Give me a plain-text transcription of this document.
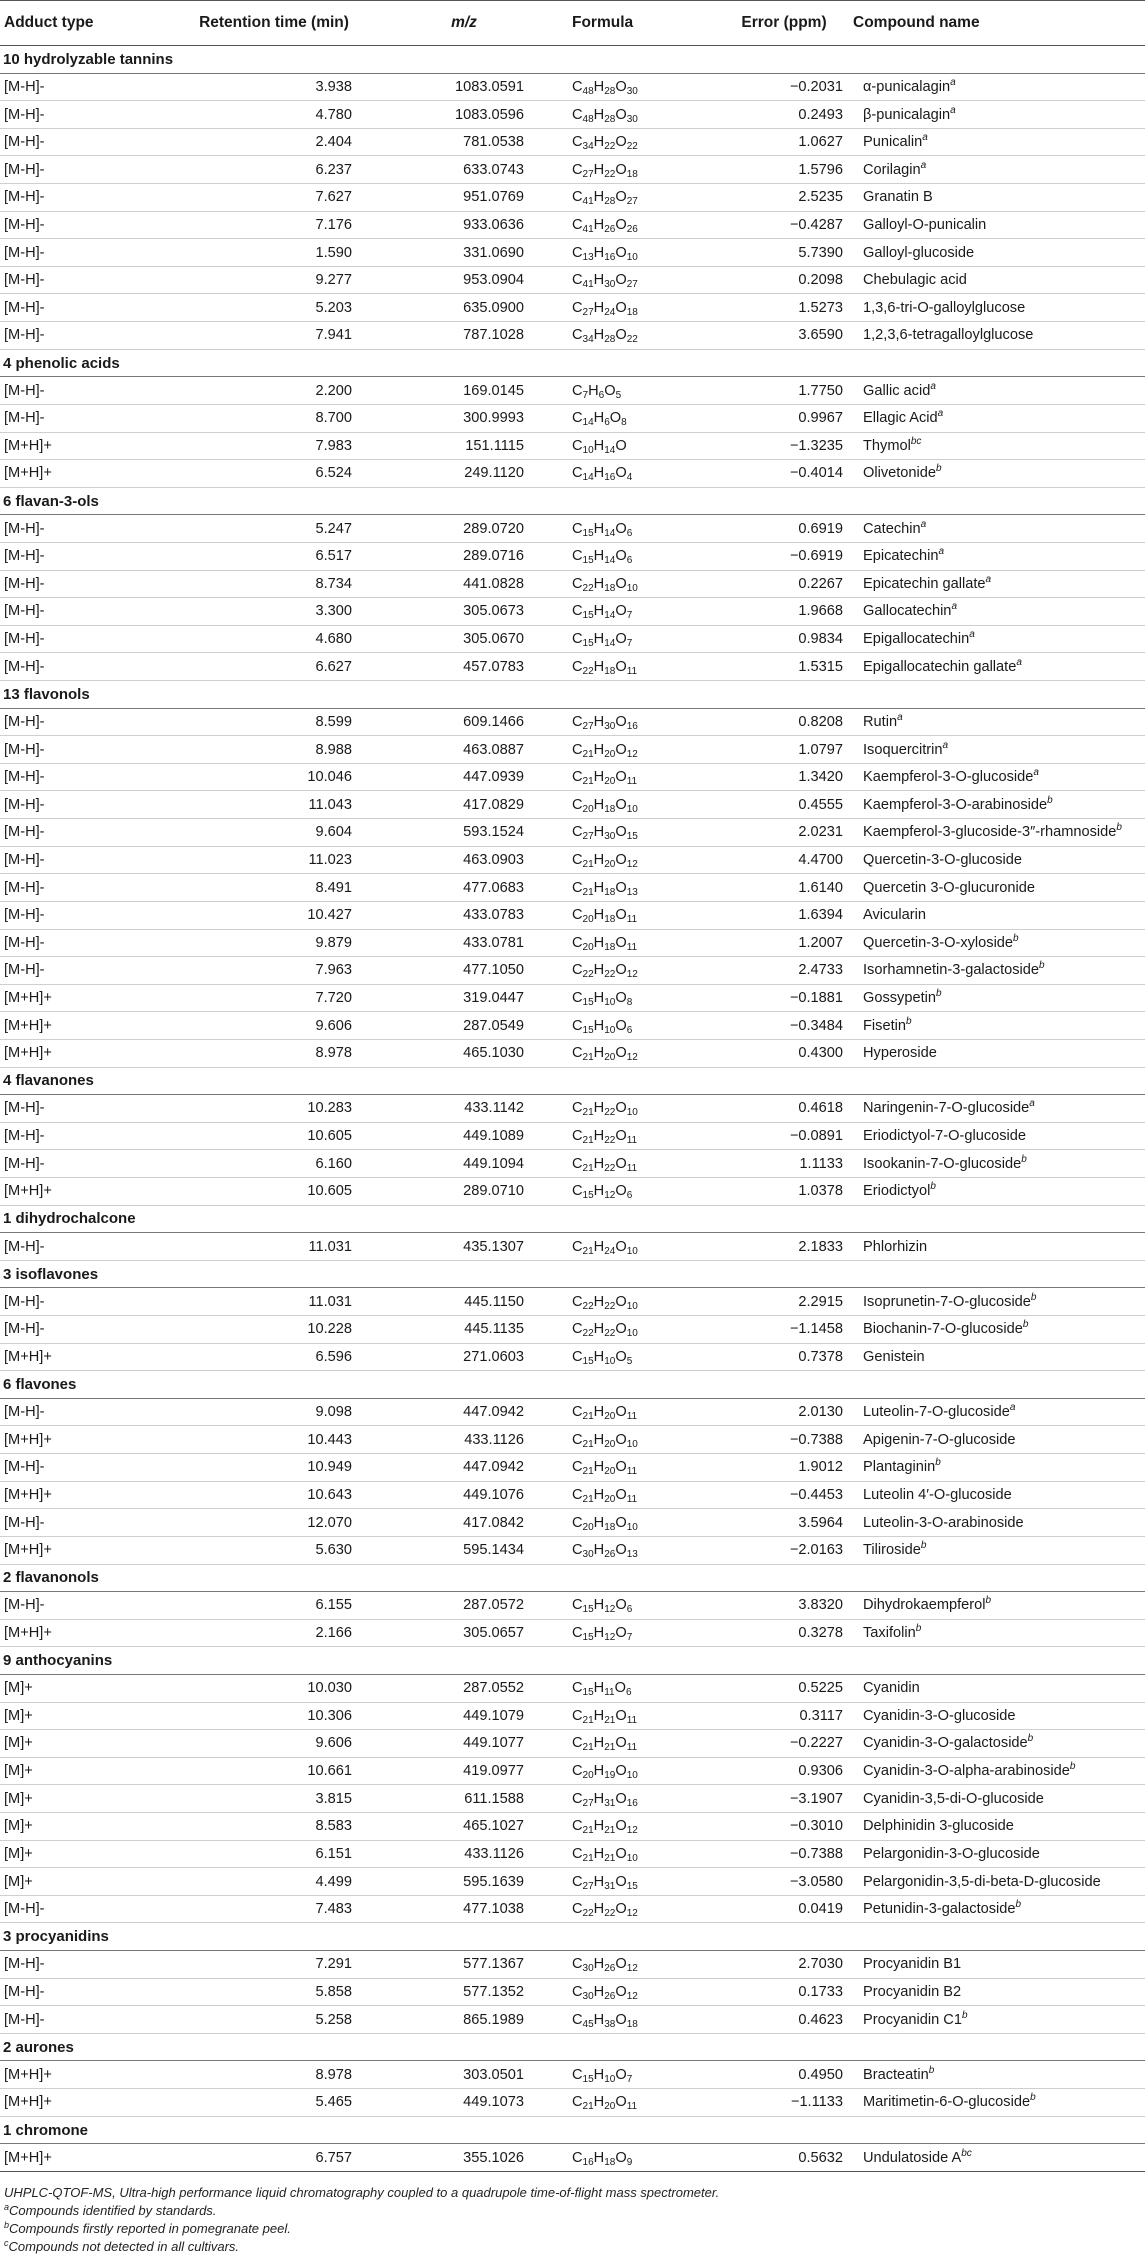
Adduct type	Retention time (min)	m/z	Formula	Error (ppm)	Compound name
10 hydrolyzable tannins					
[M-H]-	3.938	1083.0591	$C_{48}H_{28}O_{30}$	−0.2031	α-punicalagin$^a$
[M-H]-	4.780	1083.0596	$C_{48}H_{28}O_{30}$	0.2493	β-punicalagin$^a$
[M-H]-	2.404	781.0538	$C_{34}H_{22}O_{22}$	1.0627	Punicalin$^a$
[M-H]-	6.237	633.0743	$C_{27}H_{22}O_{18}$	1.5796	Corilagin$^a$
[M-H]-	7.627	951.0769	$C_{41}H_{28}O_{27}$	2.5235	Granatin B
[M-H]-	7.176	933.0636	$C_{41}H_{26}O_{26}$	−0.4287	Galloyl-O-punicalin
[M-H]-	1.590	331.0690	$C_{13}H_{16}O_{10}$	5.7390	Galloyl-glucoside
[M-H]-	9.277	953.0904	$C_{41}H_{30}O_{27}$	0.2098	Chebulagic acid
[M-H]-	5.203	635.0900	$C_{27}H_{24}O_{18}$	1.5273	1,3,6-tri-O-galloylglucose
[M-H]-	7.941	787.1028	$C_{34}H_{28}O_{22}$	3.6590	1,2,3,6-tetragalloylglucose
4 phenolic acids					
[M-H]-	2.200	169.0145	$C_7H_6O_5$	1.7750	Gallic acid$^a$
[M-H]-	8.700	300.9993	$C_{14}H_6O_8$	0.9967	Ellagic Acid$^a$
[M+H]+	7.983	151.1115	$C_{10}H_{14}O$	−1.3235	Thymol$^{bc}$
[M+H]+	6.524	249.1120	$C_{14}H_{16}O_4$	−0.4014	Olivetonide$^b$
6 flavan-3-ols					
[M-H]-	5.247	289.0720	$C_{15}H_{14}O_6$	0.6919	Catechin$^a$
[M-H]-	6.517	289.0716	$C_{15}H_{14}O_6$	−0.6919	Epicatechin$^a$
[M-H]-	8.734	441.0828	$C_{22}H_{18}O_{10}$	0.2267	Epicatechin gallate$^a$
[M-H]-	3.300	305.0673	$C_{15}H_{14}O_7$	1.9668	Gallocatechin$^a$
[M-H]-	4.680	305.0670	$C_{15}H_{14}O_7$	0.9834	Epigallocatechin$^a$
[M-H]-	6.627	457.0783	$C_{22}H_{18}O_{11}$	1.5315	Epigallocatechin gallate$^a$
13 flavonols					
[M-H]-	8.599	609.1466	$C_{27}H_{30}O_{16}$	0.8208	Rutin$^a$
[M-H]-	8.988	463.0887	$C_{21}H_{20}O_{12}$	1.0797	Isoquercitrin$^a$
[M-H]-	10.046	447.0939	$C_{21}H_{20}O_{11}$	1.3420	Kaempferol-3-O-glucoside$^a$
[M-H]-	11.043	417.0829	$C_{20}H_{18}O_{10}$	0.4555	Kaempferol-3-O-arabinoside$^b$
[M-H]-	9.604	593.1524	$C_{27}H_{30}O_{15}$	2.0231	Kaempferol-3-glucoside-3″-rhamnoside$^b$
[M-H]-	11.023	463.0903	$C_{21}H_{20}O_{12}$	4.4700	Quercetin-3-O-glucoside
[M-H]-	8.491	477.0683	$C_{21}H_{18}O_{13}$	1.6140	Quercetin 3-O-glucuronide
[M-H]-	10.427	433.0783	$C_{20}H_{18}O_{11}$	1.6394	Avicularin
[M-H]-	9.879	433.0781	$C_{20}H_{18}O_{11}$	1.2007	Quercetin-3-O-xyloside$^b$
[M-H]-	7.963	477.1050	$C_{22}H_{22}O_{12}$	2.4733	Isorhamnetin-3-galactoside$^b$
[M+H]+	7.720	319.0447	$C_{15}H_{10}O_8$	−0.1881	Gossypetin$^b$
[M+H]+	9.606	287.0549	$C_{15}H_{10}O_6$	−0.3484	Fisetin$^b$
[M+H]+	8.978	465.1030	$C_{21}H_{20}O_{12}$	0.4300	Hyperoside
4 flavanones					
[M-H]-	10.283	433.1142	$C_{21}H_{22}O_{10}$	0.4618	Naringenin-7-O-glucoside$^a$
[M-H]-	10.605	449.1089	$C_{21}H_{22}O_{11}$	−0.0891	Eriodictyol-7-O-glucoside
[M-H]-	6.160	449.1094	$C_{21}H_{22}O_{11}$	1.1133	Isookanin-7-O-glucoside$^b$
[M+H]+	10.605	289.0710	$C_{15}H_{12}O_6$	1.0378	Eriodictyol$^b$
1 dihydrochalcone					
[M-H]-	11.031	435.1307	$C_{21}H_{24}O_{10}$	2.1833	Phlorhizin
3 isoflavones					
[M-H]-	11.031	445.1150	$C_{22}H_{22}O_{10}$	2.2915	Isoprunetin-7-O-glucoside$^b$
[M-H]-	10.228	445.1135	$C_{22}H_{22}O_{10}$	−1.1458	Biochanin-7-O-glucoside$^b$
[M+H]+	6.596	271.0603	$C_{15}H_{10}O_5$	0.7378	Genistein
6 flavones					
[M-H]-	9.098	447.0942	$C_{21}H_{20}O_{11}$	2.0130	Luteolin-7-O-glucoside$^a$
[M+H]+	10.443	433.1126	$C_{21}H_{20}O_{10}$	−0.7388	Apigenin-7-O-glucoside
[M-H]-	10.949	447.0942	$C_{21}H_{20}O_{11}$	1.9012	Plantaginin$^b$
[M+H]+	10.643	449.1076	$C_{21}H_{20}O_{11}$	−0.4453	Luteolin 4′-O-glucoside
[M-H]-	12.070	417.0842	$C_{20}H_{18}O_{10}$	3.5964	Luteolin-3-O-arabinoside
[M+H]+	5.630	595.1434	$C_{30}H_{26}O_{13}$	−2.0163	Tiliroside$^b$
2 flavanonols					
[M-H]-	6.155	287.0572	$C_{15}H_{12}O_6$	3.8320	Dihydrokaempferol$^b$
[M+H]+	2.166	305.0657	$C_{15}H_{12}O_7$	0.3278	Taxifolin$^b$
9 anthocyanins					
[M]+	10.030	287.0552	$C_{15}H_{11}O_6$	0.5225	Cyanidin
[M]+	10.306	449.1079	$C_{21}H_{21}O_{11}$	0.3117	Cyanidin-3-O-glucoside
[M]+	9.606	449.1077	$C_{21}H_{21}O_{11}$	−0.2227	Cyanidin-3-O-galactoside$^b$
[M]+	10.661	419.0977	$C_{20}H_{19}O_{10}$	0.9306	Cyanidin-3-O-alpha-arabinoside$^b$
[M]+	3.815	611.1588	$C_{27}H_{31}O_{16}$	−3.1907	Cyanidin-3,5-di-O-glucoside
[M]+	8.583	465.1027	$C_{21}H_{21}O_{12}$	−0.3010	Delphinidin 3-glucoside
[M]+	6.151	433.1126	$C_{21}H_{21}O_{10}$	−0.7388	Pelargonidin-3-O-glucoside
[M]+	4.499	595.1639	$C_{27}H_{31}O_{15}$	−3.0580	Pelargonidin-3,5-di-beta-D-glucoside
[M-H]-	7.483	477.1038	$C_{22}H_{22}O_{12}$	0.0419	Petunidin-3-galactoside$^b$
3 procyanidins					
[M-H]-	7.291	577.1367	$C_{30}H_{26}O_{12}$	2.7030	Procyanidin B1
[M-H]-	5.858	577.1352	$C_{30}H_{26}O_{12}$	0.1733	Procyanidin B2
[M-H]-	5.258	865.1989	$C_{45}H_{38}O_{18}$	0.4623	Procyanidin C1$^b$
2 aurones					
[M+H]+	8.978	303.0501	$C_{15}H_{10}O_7$	0.4950	Bracteatin$^b$
[M+H]+	5.465	449.1073	$C_{21}H_{20}O_{11}$	−1.1133	Maritimetin-6-O-glucoside$^b$
1 chromone					
[M+H]+	6.757	355.1026	$C_{16}H_{18}O_9$	0.5632	Undulatoside $A^{bc}$
UHPLC-QTOF-MS, Ultra-high performance liquid chromatography coupled to a quadrupole time-of-flight mass spectrometer.
$^a$Compounds identified by standards.
$^b$Compounds firstly reported in pomegranate peel.
$^c$Compounds not detected in all cultivars.
